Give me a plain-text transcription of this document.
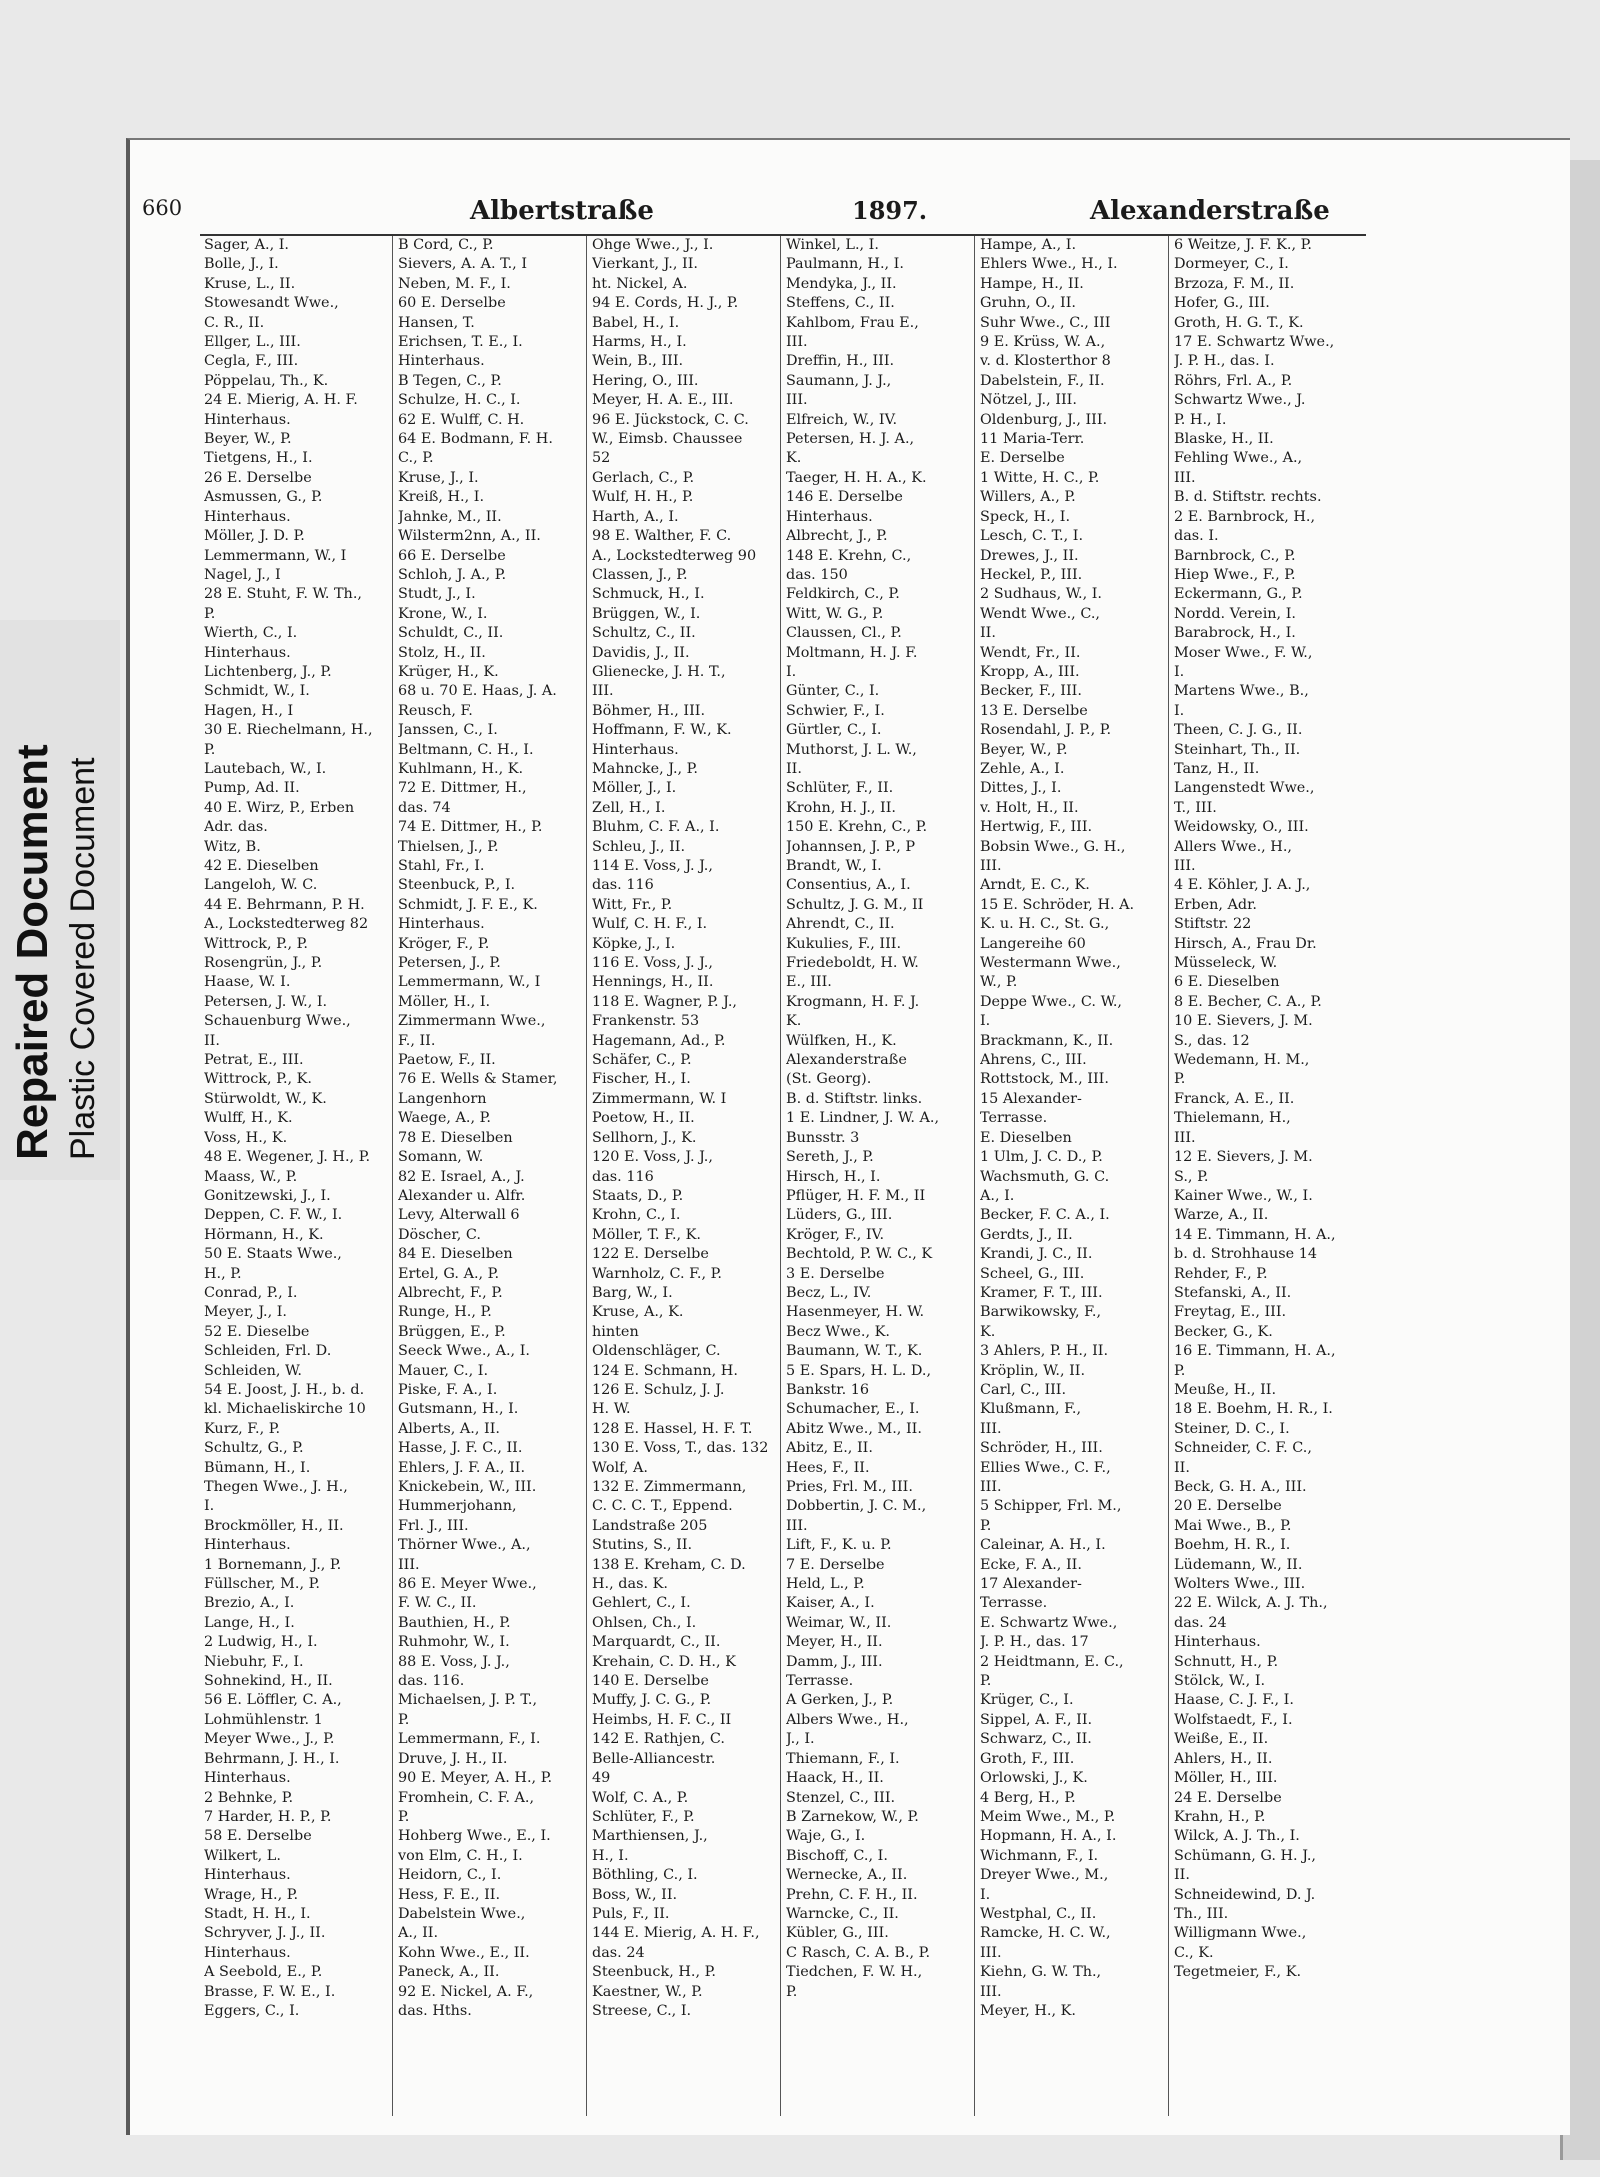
Repaired Document Plastic Covered Document
660	Albertstraße	1897.	Alexanderstraße
Sager, A., I.
Bolle, J., I.
Kruse, L., II.
Stowesandt Wwe.,
C. R., II.
Ellger, L., III.
Cegla, F., III.
Pöppelau, Th., K.
24 E. Mierig, A. H. F.
Hinterhaus.
Beyer, W., P.
Tietgens, H., I.
26 E. Derselbe
Asmussen, G., P.
Hinterhaus.
Möller, J. D. P.
Lemmermann, W., I
Nagel, J., I
28 E. Stuht, F. W. Th.,
P.
Wierth, C., I.
Hinterhaus.
Lichtenberg, J., P.
Schmidt, W., I.
Hagen, H., I
30 E. Riechelmann, H.,
P.
Lautebach, W., I.
Pump, Ad. II.
40 E. Wirz, P., Erben
Adr. das.
Witz, B.
42 E. Dieselben
Langeloh, W. C.
44 E. Behrmann, P. H.
A., Lockstedterweg 82
Wittrock, P., P.
Rosengrün, J., P.
Haase, W. I.
Petersen, J. W., I.
Schauenburg Wwe.,
II.
Petrat, E., III.
Wittrock, P., K.
Stürwoldt, W., K.
Wulff, H., K.
Voss, H., K.
48 E. Wegener, J. H., P.
Maass, W., P.
Gonitzewski, J., I.
Deppen, C. F. W., I.
Hörmann, H., K.
50 E. Staats Wwe.,
H., P.
Conrad, P., I.
Meyer, J., I.
52 E. Dieselbe
Schleiden, Frl. D.
Schleiden, W.
54 E. Joost, J. H., b. d.
kl. Michaeliskirche 10
Kurz, F., P.
Schultz, G., P.
Bümann, H., I.
Thegen Wwe., J. H.,
I.
Brockmöller, H., II.
Hinterhaus.
1 Bornemann, J., P.
Füllscher, M., P.
Brezio, A., I.
Lange, H., I.
2 Ludwig, H., I.
Niebuhr, F., I.
Sohnekind, H., II.
56 E. Löffler, C. A.,
Lohmühlenstr. 1
Meyer Wwe., J., P.
Behrmann, J. H., I.
Hinterhaus.
2 Behnke, P.
7 Harder, H. P., P.
58 E. Derselbe
Wilkert, L.
Hinterhaus.
Wrage, H., P.
Stadt, H. H., I.
Schryver, J. J., II.
Hinterhaus.
A Seebold, E., P.
Brasse, F. W. E., I.
Eggers, C., I.
B Cord, C., P.
Sievers, A. A. T., I
Neben, M. F., I.
60 E. Derselbe
Hansen, T.
Erichsen, T. E., I.
Hinterhaus.
B Tegen, C., P.
Schulze, H. C., I.
62 E. Wulff, C. H.
64 E. Bodmann, F. H.
C., P.
Kruse, J., I.
Kreiß, H., I.
Jahnke, M., II.
Wilsterm2nn, A., II.
66 E. Derselbe
Schloh, J. A., P.
Studt, J., I.
Krone, W., I.
Schuldt, C., II.
Stolz, H., II.
Krüger, H., K.
68 u. 70 E. Haas, J. A.
Reusch, F.
Janssen, C., I.
Beltmann, C. H., I.
Kuhlmann, H., K.
72 E. Dittmer, H.,
das. 74
74 E. Dittmer, H., P.
Thielsen, J., P.
Stahl, Fr., I.
Steenbuck, P., I.
Schmidt, J. F. E., K.
Hinterhaus.
Kröger, F., P.
Petersen, J., P.
Lemmermann, W., I
Möller, H., I.
Zimmermann Wwe.,
F., II.
Paetow, F., II.
76 E. Wells & Stamer,
Langenhorn
Waege, A., P.
78 E. Dieselben
Somann, W.
82 E. Israel, A., J.
Alexander u. Alfr.
Levy, Alterwall 6
Döscher, C.
84 E. Dieselben
Ertel, G. A., P.
Albrecht, F., P.
Runge, H., P.
Brüggen, E., P.
Seeck Wwe., A., I.
Mauer, C., I.
Piske, F. A., I.
Gutsmann, H., I.
Alberts, A., II.
Hasse, J. F. C., II.
Ehlers, J. F. A., II.
Knickebein, W., III.
Hummerjohann,
Frl. J., III.
Thörner Wwe., A.,
III.
86 E. Meyer Wwe.,
F. W. C., II.
Bauthien, H., P.
Ruhmohr, W., I.
88 E. Voss, J. J.,
das. 116.
Michaelsen, J. P. T.,
P.
Lemmermann, F., I.
Druve, J. H., II.
90 E. Meyer, A. H., P.
Fromhein, C. F. A.,
P.
Hohberg Wwe., E., I.
von Elm, C. H., I.
Heidorn, C., I.
Hess, F. E., II.
Dabelstein Wwe.,
A., II.
Kohn Wwe., E., II.
Paneck, A., II.
92 E. Nickel, A. F.,
das. Hths.
Ohge Wwe., J., I.
Vierkant, J., II.
ht. Nickel, A.
94 E. Cords, H. J., P.
Babel, H., I.
Harms, H., I.
Wein, B., III.
Hering, O., III.
Meyer, H. A. E., III.
96 E. Jückstock, C. C.
W., Eimsb. Chaussee
52
Gerlach, C., P.
Wulf, H. H., P.
Harth, A., I.
98 E. Walther, F. C.
A., Lockstedterweg 90
Classen, J., P.
Schmuck, H., I.
Brüggen, W., I.
Schultz, C., II.
Davidis, J., II.
Glienecke, J. H. T.,
III.
Böhmer, H., III.
Hoffmann, F. W., K.
Hinterhaus.
Mahncke, J., P.
Möller, J., I.
Zell, H., I.
Bluhm, C. F. A., I.
Schleu, J., II.
114 E. Voss, J. J.,
das. 116
Witt, Fr., P.
Wulf, C. H. F., I.
Köpke, J., I.
116 E. Voss, J. J.,
Hennings, H., II.
118 E. Wagner, P. J.,
Frankenstr. 53
Hagemann, Ad., P.
Schäfer, C., P.
Fischer, H., I.
Zimmermann, W. I
Poetow, H., II.
Sellhorn, J., K.
120 E. Voss, J. J.,
das. 116
Staats, D., P.
Krohn, C., I.
Möller, T. F., K.
122 E. Derselbe
Warnholz, C. F., P.
Barg, W., I.
Kruse, A., K.
hinten
Oldenschläger, C.
124 E. Schmann, H.
126 E. Schulz, J. J.
H. W.
128 E. Hassel, H. F. T.
130 E. Voss, T., das. 132
Wolf, A.
132 E. Zimmermann,
C. C. C. T., Eppend.
Landstraße 205
Stutins, S., II.
138 E. Kreham, C. D.
H., das. K.
Gehlert, C., I.
Ohlsen, Ch., I.
Marquardt, C., II.
Krehain, C. D. H., K
140 E. Derselbe
Muffy, J. C. G., P.
Heimbs, H. F. C., II
142 E. Rathjen, C.
Belle-Alliancestr.
49
Wolf, C. A., P.
Schlüter, F., P.
Marthiensen, J.,
H., I.
Böthling, C., I.
Boss, W., II.
Puls, F., II.
144 E. Mierig, A. H. F.,
das. 24
Steenbuck, H., P.
Kaestner, W., P.
Streese, C., I.
Winkel, L., I.
Paulmann, H., I.
Mendyka, J., II.
Steffens, C., II.
Kahlbom, Frau E.,
III.
Dreffin, H., III.
Saumann, J. J.,
III.
Elfreich, W., IV.
Petersen, H. J. A.,
K.
Taeger, H. H. A., K.
146 E. Derselbe
Hinterhaus.
Albrecht, J., P.
148 E. Krehn, C.,
das. 150
Feldkirch, C., P.
Witt, W. G., P.
Claussen, Cl., P.
Moltmann, H. J. F.
I.
Günter, C., I.
Schwier, F., I.
Gürtler, C., I.
Muthorst, J. L. W.,
II.
Schlüter, F., II.
Krohn, H. J., II.
150 E. Krehn, C., P.
Johannsen, J. P., P
Brandt, W., I.
Consentius, A., I.
Schultz, J. G. M., II
Ahrendt, C., II.
Kukulies, F., III.
Friedeboldt, H. W.
E., III.
Krogmann, H. F. J.
K.
Wülfken, H., K.
Alexanderstraße
(St. Georg).
B. d. Stiftstr. links.
1 E. Lindner, J. W. A.,
Bunsstr. 3
Sereth, J., P.
Hirsch, H., I.
Pflüger, H. F. M., II
Lüders, G., III.
Kröger, F., IV.
Bechtold, P. W. C., K
3 E. Derselbe
Becz, L., IV.
Hasenmeyer, H. W.
Becz Wwe., K.
Baumann, W. T., K.
5 E. Spars, H. L. D.,
Bankstr. 16
Schumacher, E., I.
Abitz Wwe., M., II.
Abitz, E., II.
Hees, F., II.
Pries, Frl. M., III.
Dobbertin, J. C. M.,
III.
Lift, F., K. u. P.
7 E. Derselbe
Held, L., P.
Kaiser, A., I.
Weimar, W., II.
Meyer, H., II.
Damm, J., III.
Terrasse.
A Gerken, J., P.
Albers Wwe., H.,
J., I.
Thiemann, F., I.
Haack, H., II.
Stenzel, C., III.
B Zarnekow, W., P.
Waje, G., I.
Bischoff, C., I.
Wernecke, A., II.
Prehn, C. F. H., II.
Warncke, C., II.
Kübler, G., III.
C Rasch, C. A. B., P.
Tiedchen, F. W. H.,
P.
Hampe, A., I.
Ehlers Wwe., H., I.
Hampe, H., II.
Gruhn, O., II.
Suhr Wwe., C., III
9 E. Krüss, W. A.,
v. d. Klosterthor 8
Dabelstein, F., II.
Nötzel, J., III.
Oldenburg, J., III.
11 Maria-Terr.
E. Derselbe
1 Witte, H. C., P.
Willers, A., P.
Speck, H., I.
Lesch, C. T., I.
Drewes, J., II.
Heckel, P., III.
2 Sudhaus, W., I.
Wendt Wwe., C.,
II.
Wendt, Fr., II.
Kropp, A., III.
Becker, F., III.
13 E. Derselbe
Rosendahl, J. P., P.
Beyer, W., P.
Zehle, A., I.
Dittes, J., I.
v. Holt, H., II.
Hertwig, F., III.
Bobsin Wwe., G. H.,
III.
Arndt, E. C., K.
15 E. Schröder, H. A.
K. u. H. C., St. G.,
Langereihe 60
Westermann Wwe.,
W., P.
Deppe Wwe., C. W.,
I.
Brackmann, K., II.
Ahrens, C., III.
Rottstock, M., III.
15 Alexander-
Terrasse.
E. Dieselben
1 Ulm, J. C. D., P.
Wachsmuth, G. C.
A., I.
Becker, F. C. A., I.
Gerdts, J., II.
Krandi, J. C., II.
Scheel, G., III.
Kramer, F. T., III.
Barwikowsky, F.,
K.
3 Ahlers, P. H., II.
Kröplin, W., II.
Carl, C., III.
Klußmann, F.,
III.
Schröder, H., III.
Ellies Wwe., C. F.,
III.
5 Schipper, Frl. M.,
P.
Caleinar, A. H., I.
Ecke, F. A., II.
17 Alexander-
Terrasse.
E. Schwartz Wwe.,
J. P. H., das. 17
2 Heidtmann, E. C.,
P.
Krüger, C., I.
Sippel, A. F., II.
Schwarz, C., II.
Groth, F., III.
Orlowski, J., K.
4 Berg, H., P.
Meim Wwe., M., P.
Hopmann, H. A., I.
Wichmann, F., I.
Dreyer Wwe., M.,
I.
Westphal, C., II.
Ramcke, H. C. W.,
III.
Kiehn, G. W. Th.,
III.
Meyer, H., K.
6 Weitze, J. F. K., P.
Dormeyer, C., I.
Brzoza, F. M., II.
Hofer, G., III.
Groth, H. G. T., K.
17 E. Schwartz Wwe.,
J. P. H., das. I.
Röhrs, Frl. A., P.
Schwartz Wwe., J.
P. H., I.
Blaske, H., II.
Fehling Wwe., A.,
III.
B. d. Stiftstr. rechts.
2 E. Barnbrock, H.,
das. I.
Barnbrock, C., P.
Hiep Wwe., F., P.
Eckermann, G., P.
Nordd. Verein, I.
Barabrock, H., I.
Moser Wwe., F. W.,
I.
Martens Wwe., B.,
I.
Theen, C. J. G., II.
Steinhart, Th., II.
Tanz, H., II.
Langenstedt Wwe.,
T., III.
Weidowsky, O., III.
Allers Wwe., H.,
III.
4 E. Köhler, J. A. J.,
Erben, Adr.
Stiftstr. 22
Hirsch, A., Frau Dr.
Müsseleck, W.
6 E. Dieselben
8 E. Becher, C. A., P.
10 E. Sievers, J. M.
S., das. 12
Wedemann, H. M.,
P.
Franck, A. E., II.
Thielemann, H.,
III.
12 E. Sievers, J. M.
S., P.
Kainer Wwe., W., I.
Warze, A., II.
14 E. Timmann, H. A.,
b. d. Strohhause 14
Rehder, F., P.
Stefanski, A., II.
Freytag, E., III.
Becker, G., K.
16 E. Timmann, H. A.,
P.
Meuße, H., II.
18 E. Boehm, H. R., I.
Steiner, D. C., I.
Schneider, C. F. C.,
II.
Beck, G. H. A., III.
20 E. Derselbe
Mai Wwe., B., P.
Boehm, H. R., I.
Lüdemann, W., II.
Wolters Wwe., III.
22 E. Wilck, A. J. Th.,
das. 24
Hinterhaus.
Schnutt, H., P.
Stölck, W., I.
Haase, C. J. F., I.
Wolfstaedt, F., I.
Weiße, E., II.
Ahlers, H., II.
Möller, H., III.
24 E. Derselbe
Krahn, H., P.
Wilck, A. J. Th., I.
Schümann, G. H. J.,
II.
Schneidewind, D. J.
Th., III.
Willigmann Wwe.,
C., K.
Tegetmeier, F., K.
